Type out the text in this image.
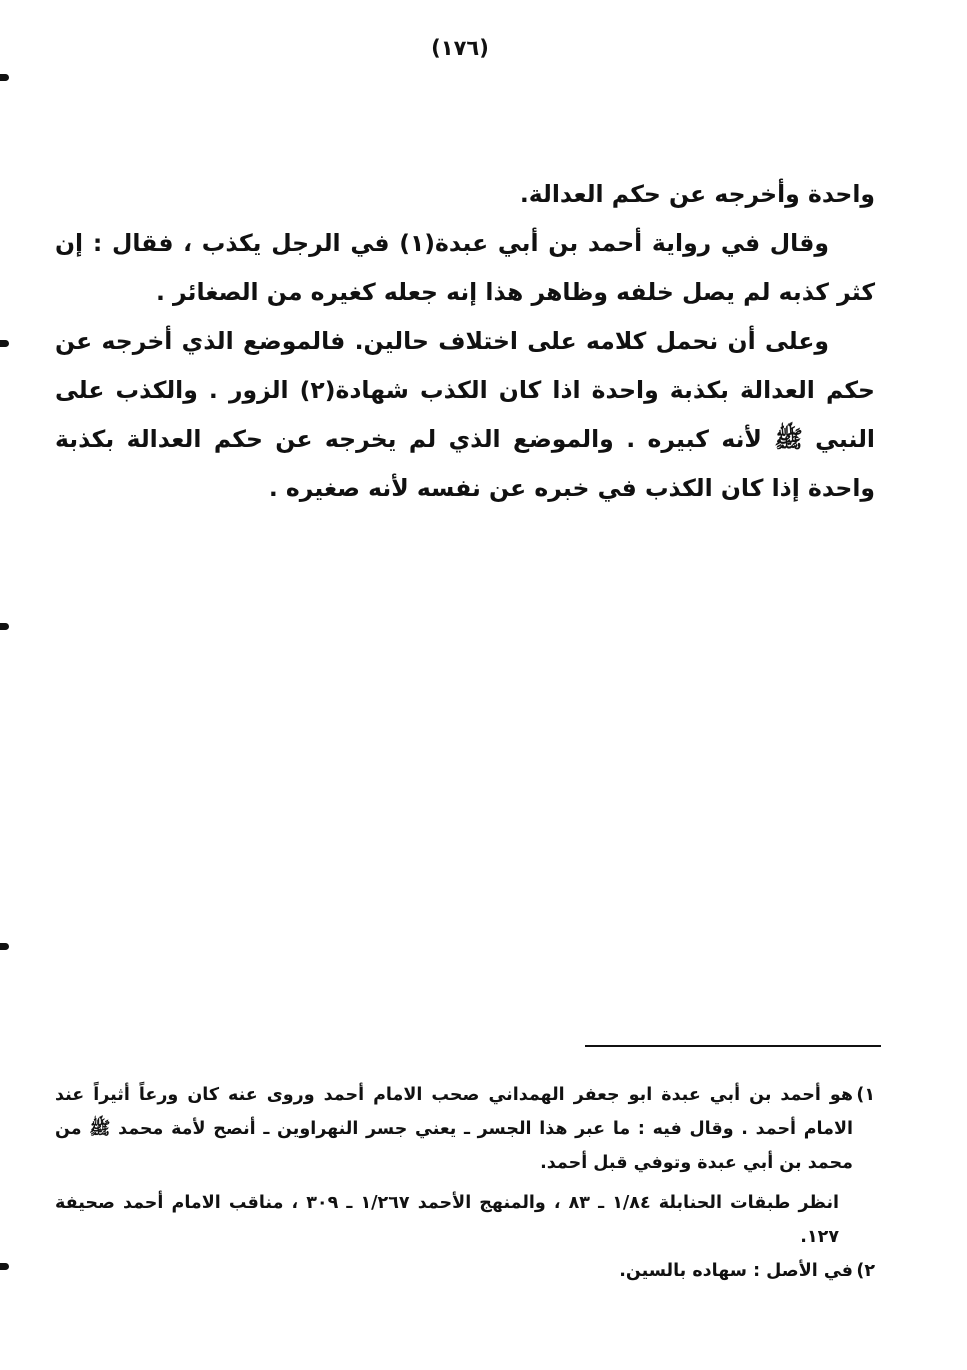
(١٧٦)

واحدة وأخرجه عن حكم العدالة.

وقال في رواية أحمد بن أبي عبدة(١) في الرجل يكذب ، فقال : إن كثر كذبه لم يصل خلفه وظاهر هذا إنه جعله كغيره من الصغائر .

وعلى أن نحمل كلامه على اختلاف حالين. فالموضع الذي أخرجه عن حكم العدالة بكذبة واحدة اذا كان الكذب شهادة(٢) الزور . والكذب على النبي ﷺ لأنه كبيره . والموضع الذي لم يخرجه عن حكم العدالة بكذبة واحدة إذا كان الكذب في خبره عن نفسه لأنه صغيره .

١)

هو أحمد بن أبي عبدة ابو جعفر الهمداني صحب الامام أحمد وروى عنه كان ورعاً أثيراً عند الامام أحمد . وقال فيه : ما عبر هذا الجسر ـ يعني جسر النهراوين ـ أنصح لأمة محمد ﷺ من محمد بن أبي عبدة وتوفي قبل أحمد.

انظر طبقات الحنابلة ١/٨٤ ـ ٨٣ ، والمنهج الأحمد ١/٢٦٧ ـ ٣٠٩ ، مناقب الامام أحمد صحيفة ١٢٧.

٢)

في الأصل : سهاده بالسين.
